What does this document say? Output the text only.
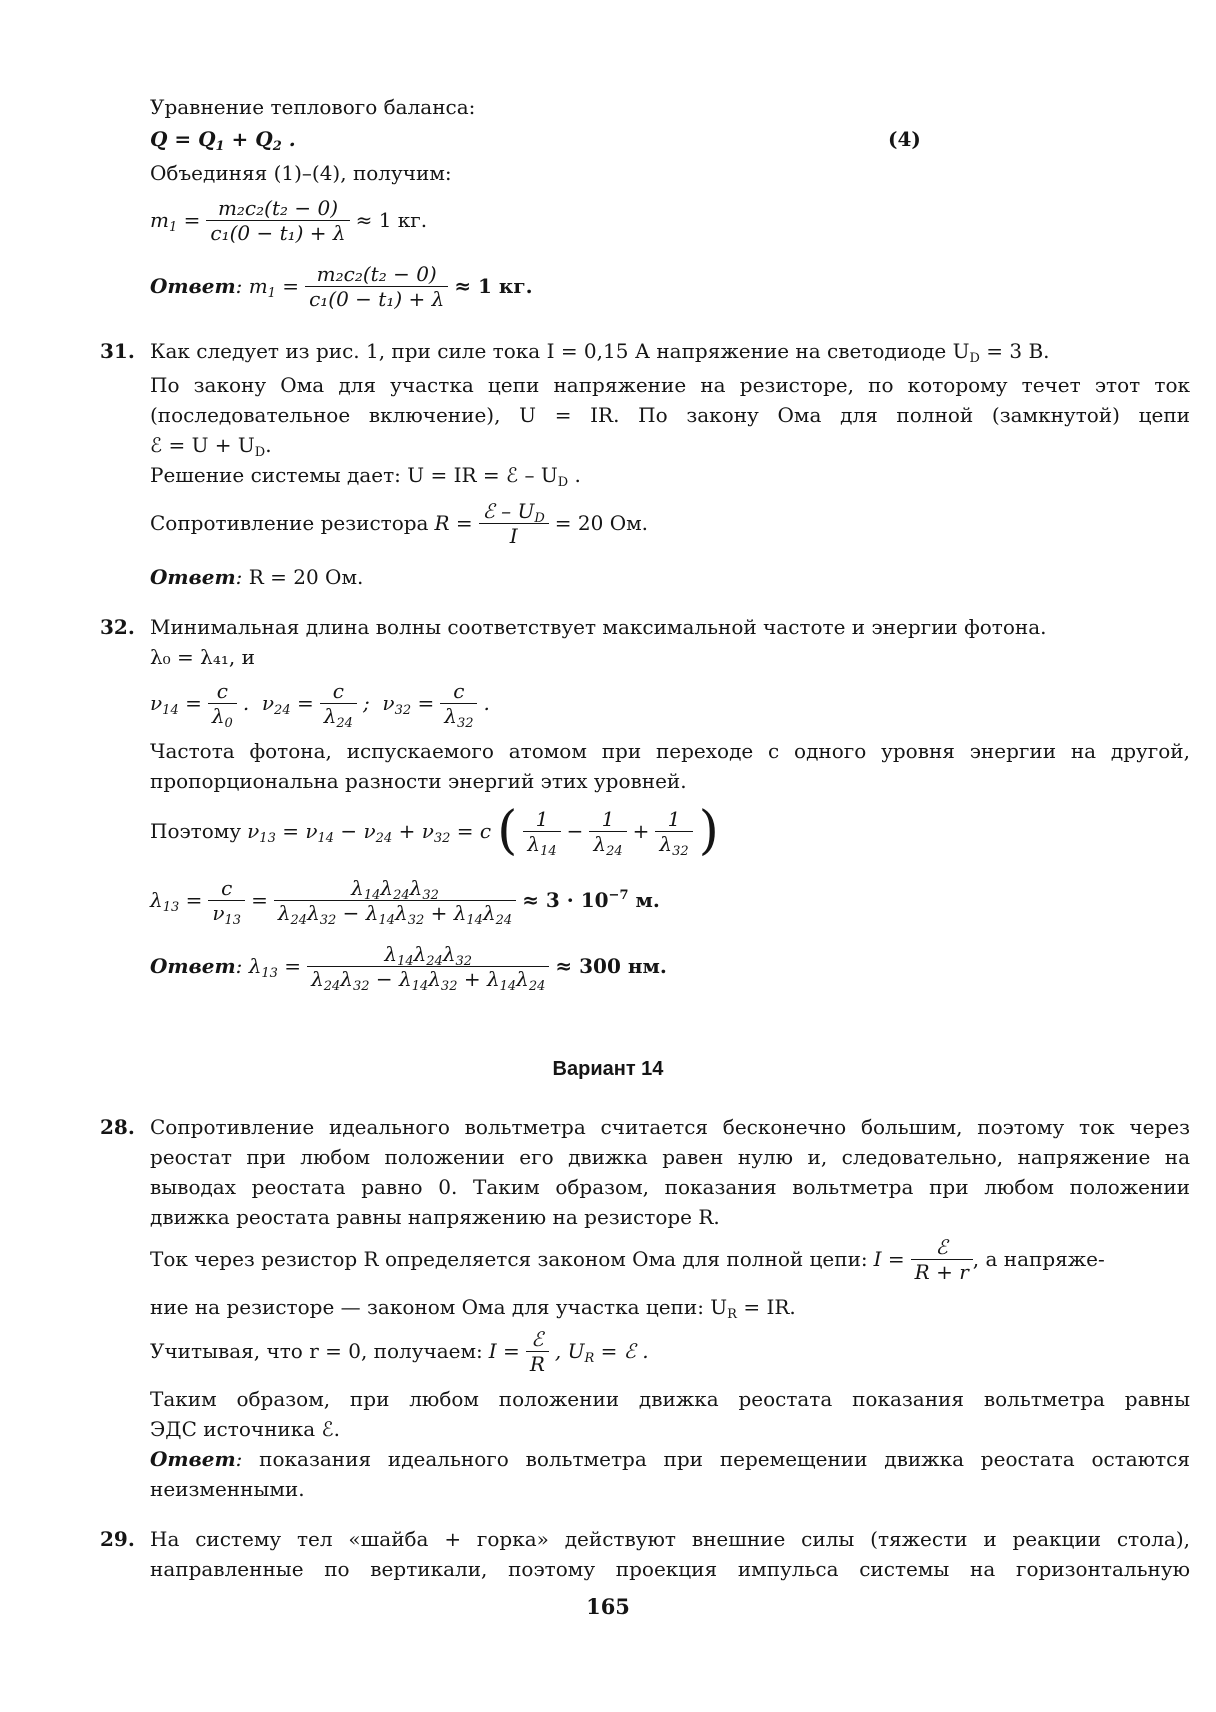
Уравнение теплового баланса:
$Q = Q_1 + Q_2$ .	(4)
Объединяя (1)–(4), получим:
$m_1 = \frac{\text{m₂c₂(t₂ − 0)}}{\text{c₁(0 − t₁) + λ}} \approx 1$ кг.
Ответ: $m_1 = \frac{\text{m₂c₂(t₂ − 0)}}{\text{c₁(0 − t₁) + λ}} \approx 1$ кг.
31. Как следует из рис. 1, при силе тока I = 0,15 А напряжение на светодиоде $U_D = 3$ В.
По закону Ома для участка цепи напряжение на резисторе, по которому течет этот ток
(последовательное включение), U = IR. По закону Ома для полной (замкнутой) цепи
ℰ = $U + U_D$.
Решение системы дает: U = IR = ℰ – $U_D$ .
Сопротивление резистора $R = \frac{ℰ - U_D}{I} = 20$ Ом.
Ответ: R = 20 Ом.
32. Минимальная длина волны соответствует максимальной частоте и энергии фотона.
λ₀ = λ₄₁, и
$\nu_{14} = \frac{c}{\lambda_0}$ .  $\nu_{24} = \frac{c}{\lambda_{24}}$ ;  $\nu_{32} = \frac{c}{\lambda_{32}}$ .
Частота фотона, испускаемого атомом при переходе с одного уровня энергии на другой,
пропорциональна разности энергий этих уровней.
Поэтому $\nu_{13} = \nu_{14} - \nu_{24} + \nu_{32} = c$ ( $\frac{1}{\lambda_{14}} - \frac{1}{\lambda_{24}} + \frac{1}{\lambda_{32}}$ )
$\lambda_{13} = \frac{c}{\nu_{13}} = \frac{\lambda_{14}\lambda_{24}\lambda_{32}}{\lambda_{24}\lambda_{32} - \lambda_{14}\lambda_{32} + \lambda_{14}\lambda_{24}} \approx 3 \cdot 10^{-7}$ м.
Ответ: $\lambda_{13} = \frac{\lambda_{14}\lambda_{24}\lambda_{32}}{\lambda_{24}\lambda_{32} - \lambda_{14}\lambda_{32} + \lambda_{14}\lambda_{24}} \approx 300$ нм.
Вариант 14
28. Сопротивление идеального вольтметра считается бесконечно большим, поэтому ток через
реостат при любом положении его движка равен нулю и, следовательно, напряжение на
выводах реостата равно 0. Таким образом, показания вольтметра при любом положении
движка реостата равны напряжению на резисторе R.
Ток через резистор R определяется законом Ома для полной цепи: $I = \frac{\text{ℰ}}{R + r}$ , а напряже-
ние на резисторе — законом Ома для участка цепи: $U_R$ = IR.
Учитывая, что r = 0, получаем: $I = \frac{\text{ℰ}}{R}$ , $U_R$ = ℰ .
Таким образом, при любом положении движка реостата показания вольтметра равны
ЭДС источника ℰ.
Ответ: показания идеального вольтметра при перемещении движка реостата остаются
неизменными.
29. На систему тел «шайба + горка» действуют внешние силы (тяжести и реакции стола),
направленные по вертикали, поэтому проекция импульса системы на горизонтальную
165
